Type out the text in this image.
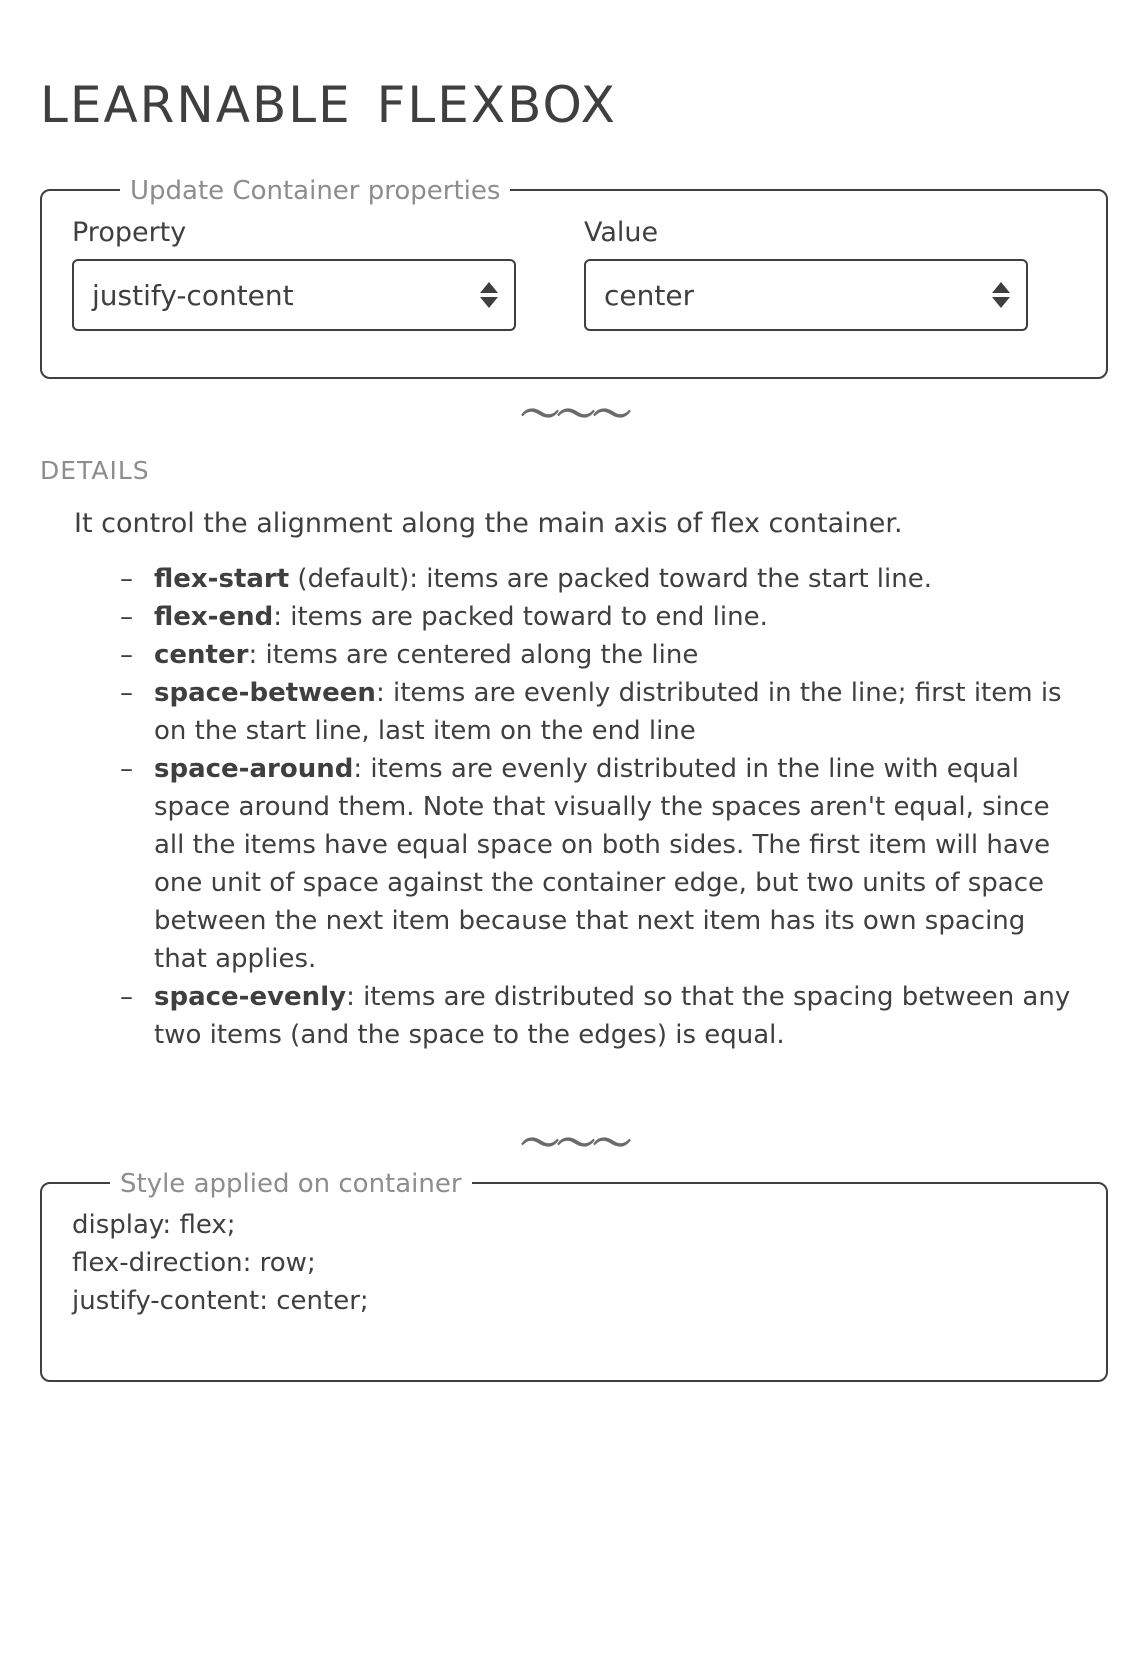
learnable flexbox
Update Container properties
Property
justify-content
Value
center
〜〜〜
details
It control the alignment along the main axis of flex container.
– flex-start (default): items are packed toward the start line.
– flex-end: items are packed toward to end line.
– center: items are centered along the line
– space-between: items are evenly distributed in the line; first item is on the start line, last item on the end line
– space-around: items are evenly distributed in the line with equal space around them. Note that visually the spaces aren't equal, since all the items have equal space on both sides. The first item will have one unit of space against the container edge, but two units of space between the next item because that next item has its own spacing that applies.
– space-evenly: items are distributed so that the spacing between any two items (and the space to the edges) is equal.
〜〜〜
Style applied on container
display: flex;
flex-direction: row;
justify-content: center;
